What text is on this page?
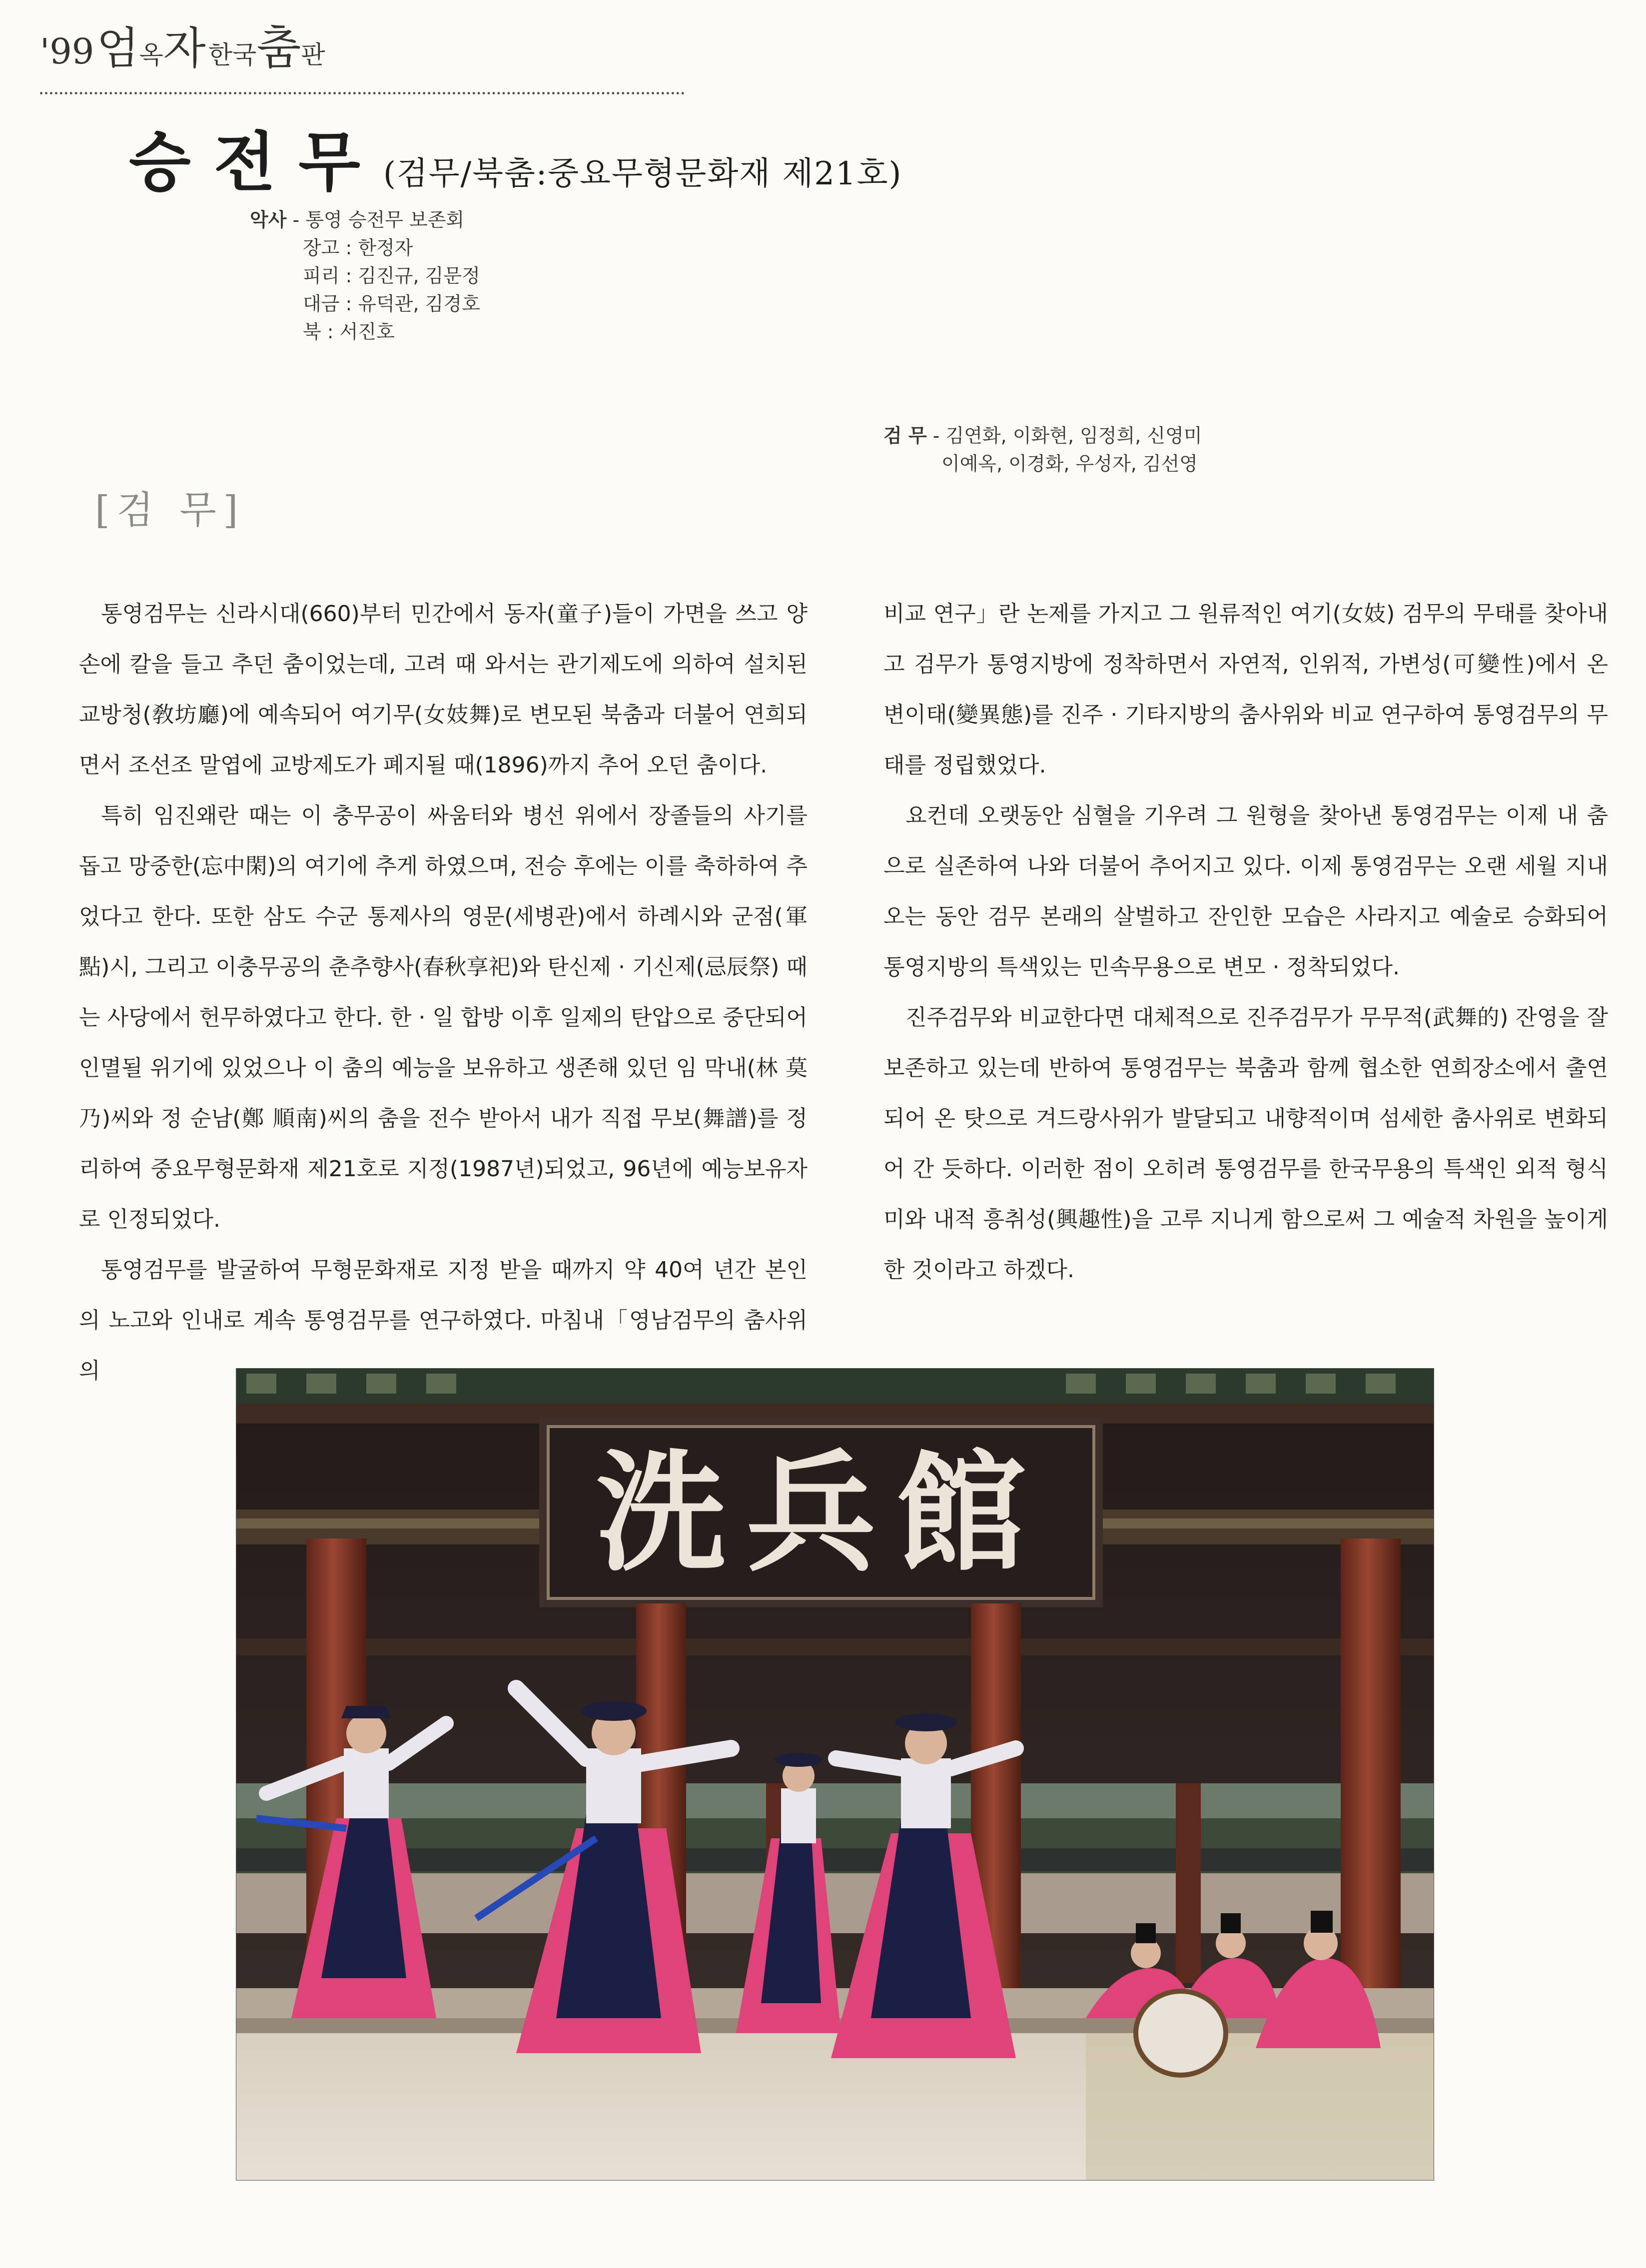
'99 엄옥자 한국춤판
승전무(검무/북춤:중요무형문화재 제21호)
악사 - 통영 승전무 보존회
장고 : 한정자
피리 : 김진규, 김문정
대금 : 유덕관, 김경호
북 : 서진호
검 무 - 김연화, 이화현, 임정희, 신영미
이예옥, 이경화, 우성자, 김선영
[검 무]

통영검무는 신라시대(660)부터 민간에서 동자(童子)들이 가면을 쓰고 양손에 칼을 들고 추던 춤이었는데, 고려 때 와서는 관기제도에 의하여 설치된 교방청(敎坊廳)에 예속되어 여기무(女妓舞)로 변모된 북춤과 더불어 연희되면서 조선조 말엽에 교방제도가 폐지될 때(1896)까지 추어 오던 춤이다.

특히 임진왜란 때는 이 충무공이 싸움터와 병선 위에서 장졸들의 사기를 돕고 망중한(忘中閑)의 여기에 추게 하였으며, 전승 후에는 이를 축하하여 추었다고 한다. 또한 삼도 수군 통제사의 영문(세병관)에서 하례시와 군점(軍點)시, 그리고 이충무공의 춘추향사(春秋享祀)와 탄신제 · 기신제(忌辰祭) 때는 사당에서 헌무하였다고 한다. 한 · 일 합방 이후 일제의 탄압으로 중단되어 인멸될 위기에 있었으나 이 춤의 예능을 보유하고 생존해 있던 임 막내(林 莫乃)씨와 정 순남(鄭 順南)씨의 춤을 전수 받아서 내가 직접 무보(舞譜)를 정리하여 중요무형문화재 제21호로 지정(1987년)되었고, 96년에 예능보유자로 인정되었다.

통영검무를 발굴하여 무형문화재로 지정 받을 때까지 약 40여 년간 본인의 노고와 인내로 계속 통영검무를 연구하였다. 마침내「영남검무의 춤사위의

비교 연구」란 논제를 가지고 그 원류적인 여기(女妓) 검무의 무태를 찾아내고 검무가 통영지방에 정착하면서 자연적, 인위적, 가변성(可變性)에서 온 변이태(變異態)를 진주 · 기타지방의 춤사위와 비교 연구하여 통영검무의 무태를 정립했었다.

요컨데 오랫동안 심혈을 기우려 그 원형을 찾아낸 통영검무는 이제 내 춤으로 실존하여 나와 더불어 추어지고 있다. 이제 통영검무는 오랜 세월 지내오는 동안 검무 본래의 살벌하고 잔인한 모습은 사라지고 예술로 승화되어 통영지방의 특색있는 민속무용으로 변모 · 정착되었다.

진주검무와 비교한다면 대체적으로 진주검무가 무무적(武舞的) 잔영을 잘 보존하고 있는데 반하여 통영검무는 북춤과 함께 협소한 연희장소에서 출연되어 온 탓으로 겨드랑사위가 발달되고 내향적이며 섬세한 춤사위로 변화되어 간 듯하다. 이러한 점이 오히려 통영검무를 한국무용의 특색인 외적 형식미와 내적 흥취성(興趣性)을 고루 지니게 함으로써 그 예술적 차원을 높이게 한 것이라고 하겠다.

洗兵館
